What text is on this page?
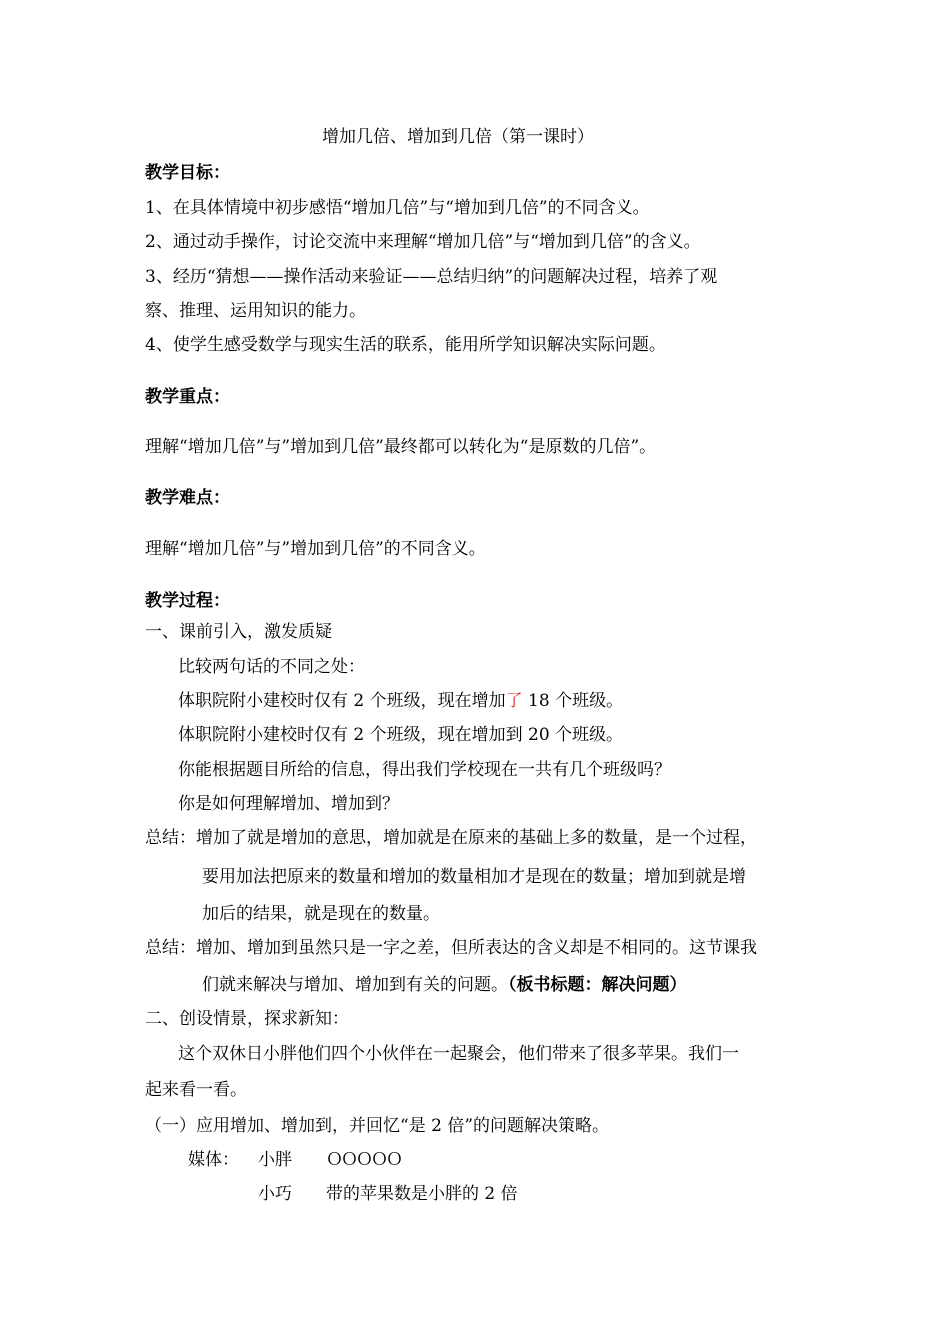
增加几倍、增加到几倍（第一课时）
教学目标：
1、在具体情境中初步感悟“增加几倍”与“增加到几倍”的不同含义。
2、通过动手操作，讨论交流中来理解“增加几倍”与“增加到几倍”的含义。
3、经历“猜想——操作活动来验证——总结归纳”的问题解决过程，培养了观
察、推理、运用知识的能力。
4、使学生感受数学与现实生活的联系，能用所学知识解决实际问题。
教学重点：
理解“增加几倍”与”增加到几倍”最终都可以转化为“是原数的几倍”。
教学难点：
理解“增加几倍”与”增加到几倍”的不同含义。
教学过程：
一、课前引入，激发质疑
比较两句话的不同之处：
体职院附小建校时仅有 2 个班级，现在增加了 18 个班级。
体职院附小建校时仅有 2 个班级，现在增加到 20 个班级。
你能根据题目所给的信息，得出我们学校现在一共有几个班级吗？
你是如何理解增加、增加到？
总结：增加了就是增加的意思，增加就是在原来的基础上多的数量，是一个过程，
要用加法把原来的数量和增加的数量相加才是现在的数量；增加到就是增
加后的结果，就是现在的数量。
总结：增加、增加到虽然只是一字之差，但所表达的含义却是不相同的。这节课我
们就来解决与增加、增加到有关的问题。（板书标题：解决问题）
二、创设情景，探求新知：
这个双休日小胖他们四个小伙伴在一起聚会，他们带来了很多苹果。我们一
起来看一看。
（一）应用增加、增加到，并回忆“是 2 倍”的问题解决策略。
媒体： 小胖 ＯＯＯＯＯ
小巧 带的苹果数是小胖的 2 倍
